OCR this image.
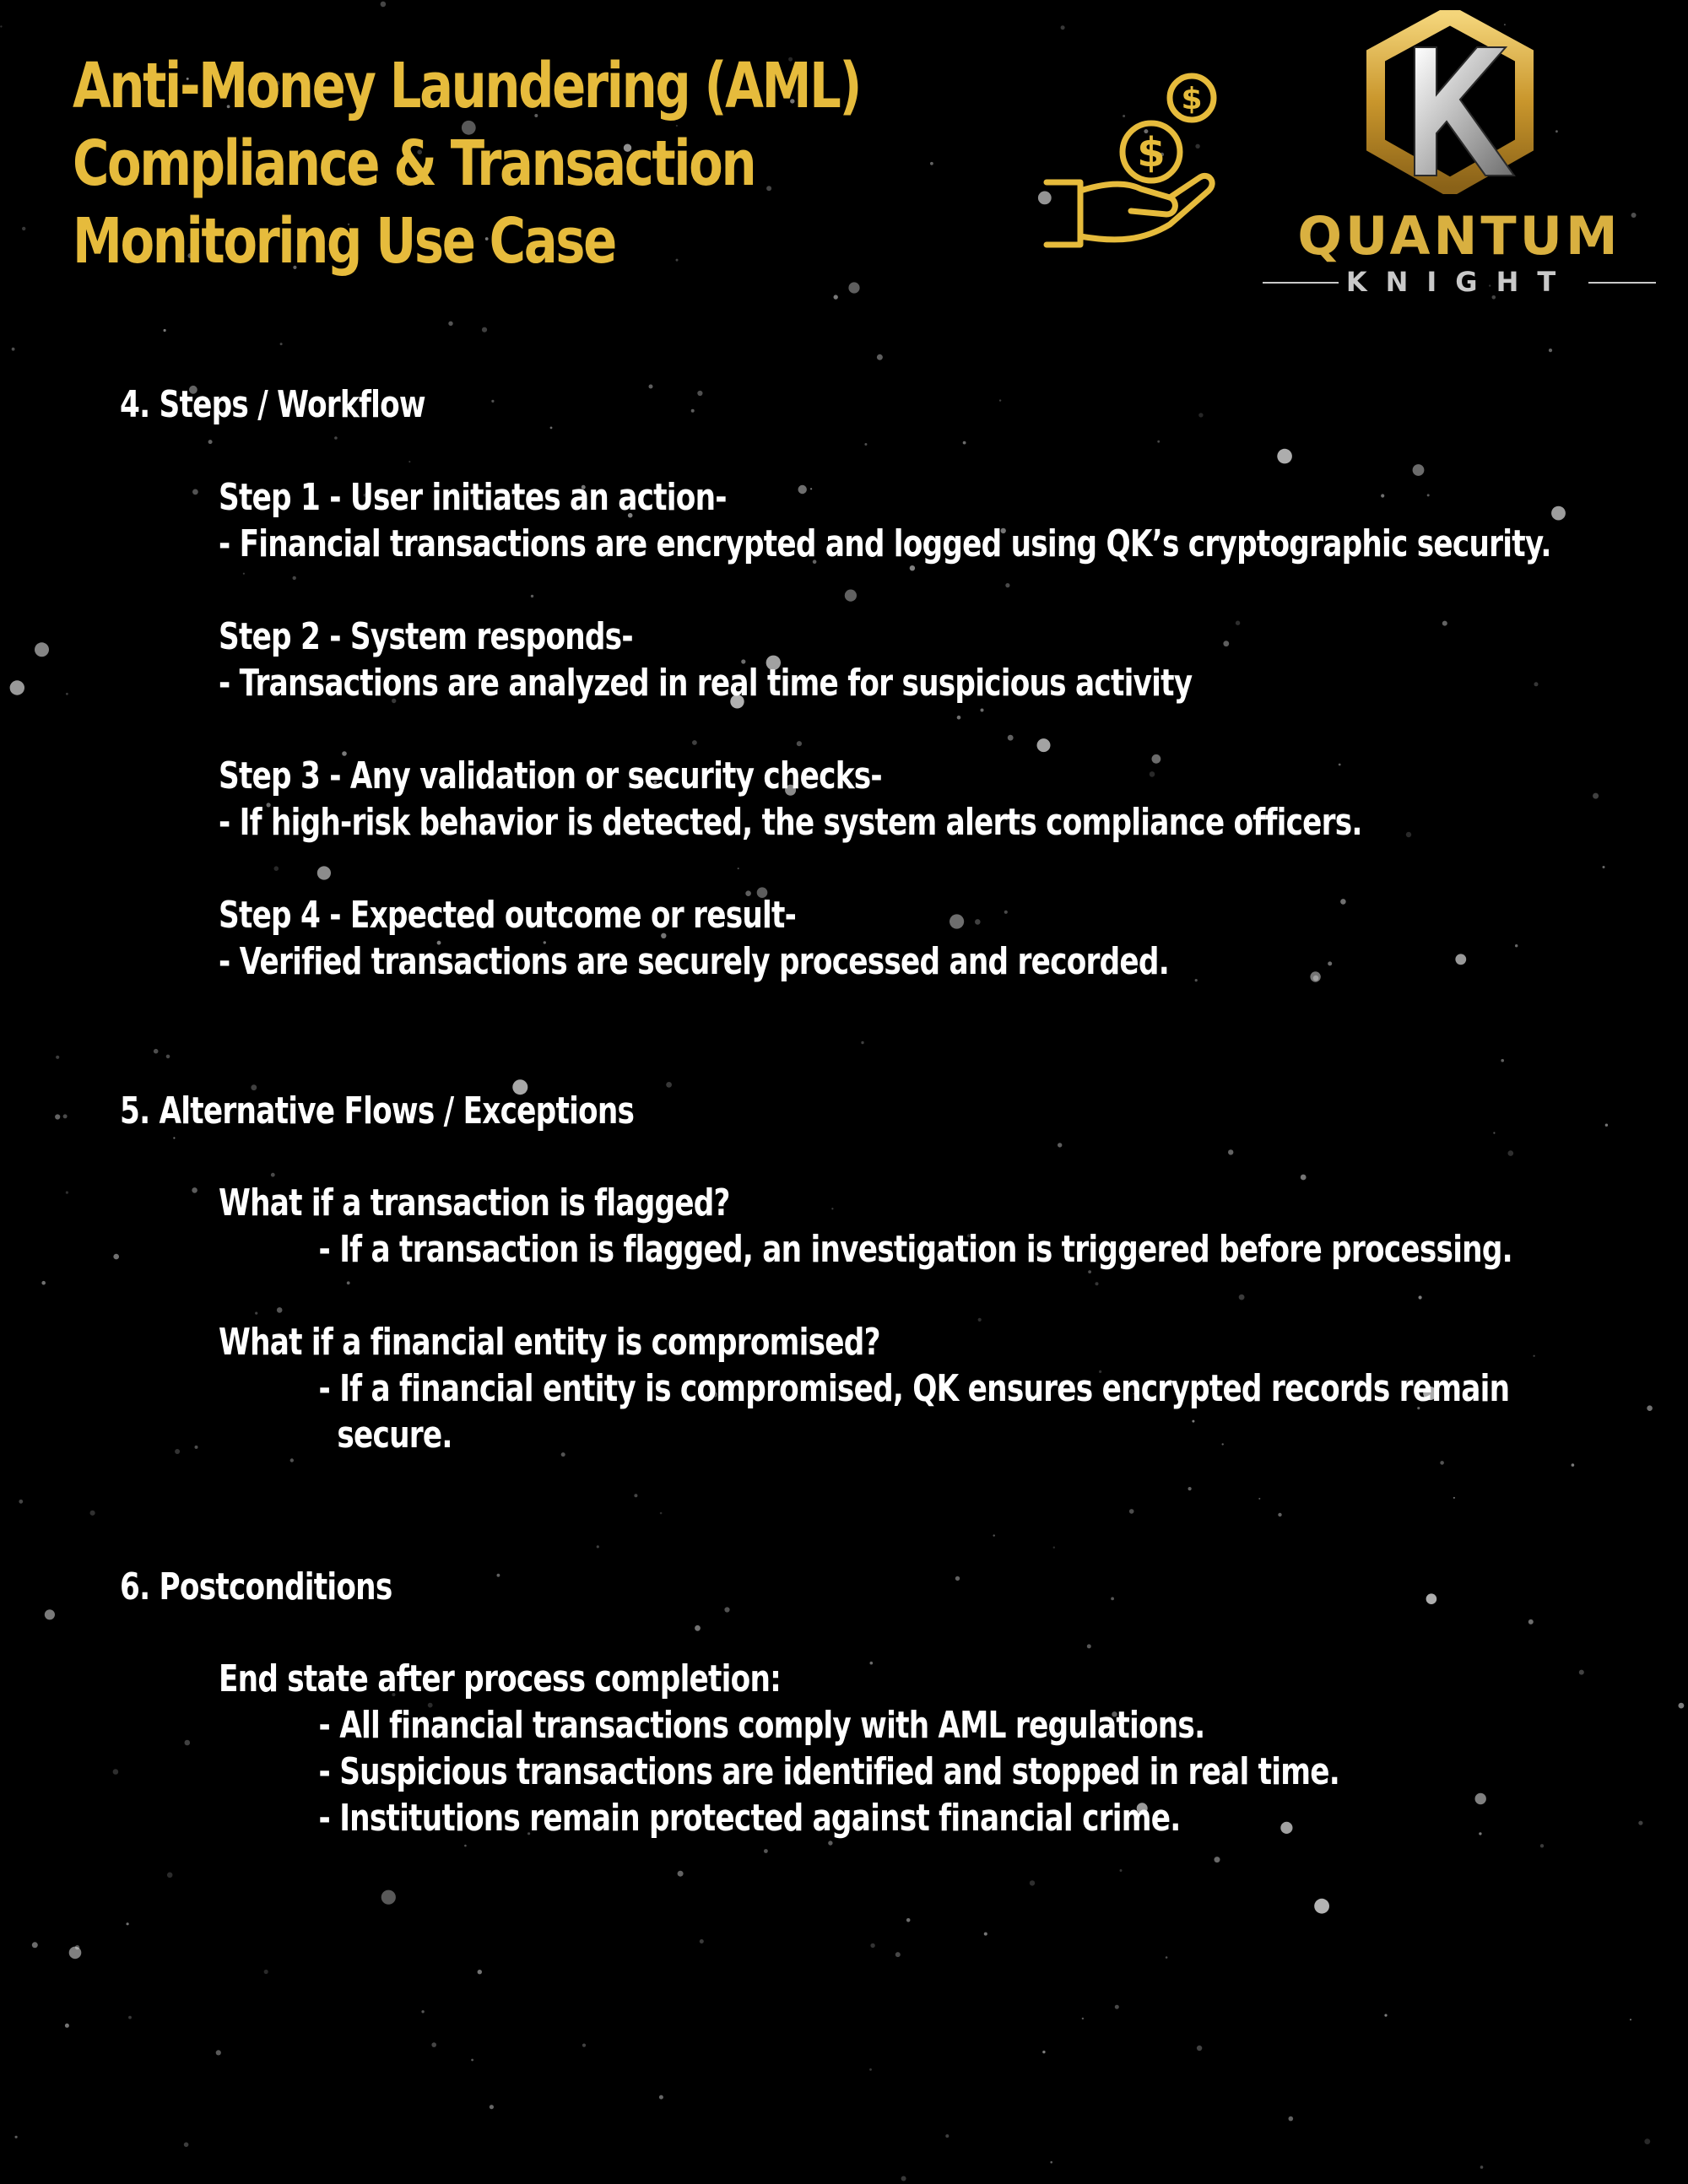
Anti-Money Laundering (AML)
Compliance & Transaction
Monitoring Use Case
$
$
QUANTUM
KNIGHT
4. Steps / Workflow
Step 1 - User initiates an action-
- Financial transactions are encrypted and logged using QK’s cryptographic security.
Step 2 - System responds-
- Transactions are analyzed in real time for suspicious activity
Step 3 - Any validation or security checks-
- If high-risk behavior is detected, the system alerts compliance officers.
Step 4 - Expected outcome or result-
- Verified transactions are securely processed and recorded.
5. Alternative Flows / Exceptions
What if a transaction is flagged?
- If a transaction is flagged, an investigation is triggered before processing.
What if a financial entity is compromised?
- If a financial entity is compromised, QK ensures encrypted records remain
secure.
6. Postconditions
End state after process completion:
- All financial transactions comply with AML regulations.
- Suspicious transactions are identified and stopped in real time.
- Institutions remain protected against financial crime.
